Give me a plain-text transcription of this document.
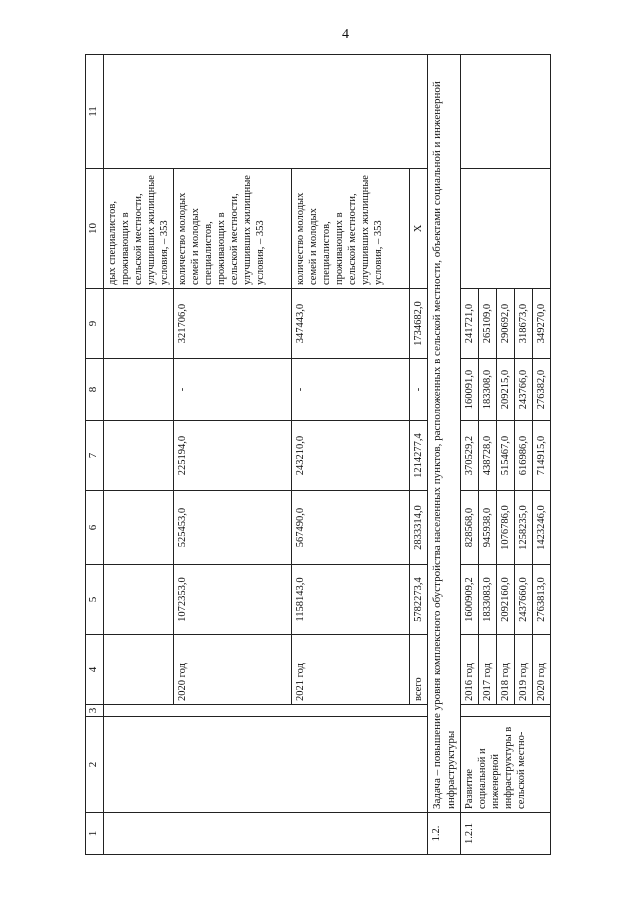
4
1	2	3	4	5	6	7	8	9	10	11
									дых специалистов, проживающих в сельской местности, улучшивших жилищные условия, – 353	
			2020 год	1072353,0	525453,0	225194,0	-	321706,0	количество молодых семей и молодых специалистов, проживающих в сельской местности, улучшивших жилищные условия, – 353	
			2021 год	1158143,0	567490,0	243210,0	-	347443,0	количество молодых семей и молодых специалистов, проживающих в сельской местности, улучшивших жилищные условия, – 353	
			всего	5782273,4	2833314,0	1214277,4	-	1734682,0	Х	
1.2.	Задача – повышение уровня комплексного обустройства населенных пунктов, расположенных в сельской местности, объектами социальной и инженерной инфраструктуры									
1.2.1	Развитие социальной и инженерной инфраструктуры в сельской местно-		2016 год	1600909,2	828568,0	370529,2	160091,0	241721,0		
			2017 год	1833083,0	945938,0	438728,0	183308,0	265109,0		
			2018 год	2092160,0	1076786,0	515467,0	209215,0	290692,0		
			2019 год	2437660,0	1258235,0	616986,0	243766,0	318673,0		
			2020 год	2763813,0	1423246,0	714915,0	276382,0	349270,0		
